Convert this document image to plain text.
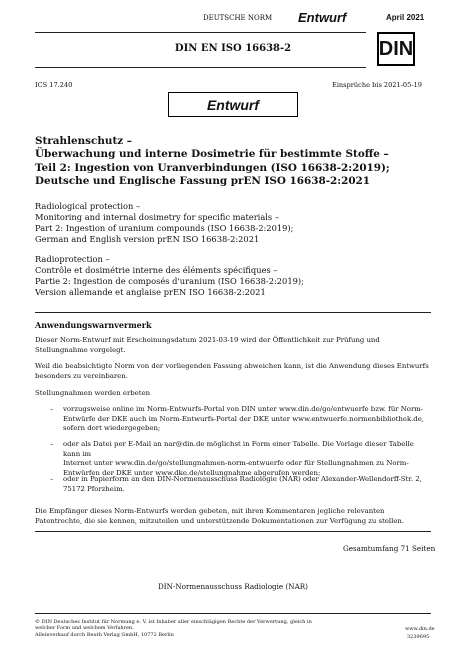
DEUTSCHE NORM Entwurf	April 2021
DIN EN ISO 16638-2	DIN
ICS 17.240	Einsprüche bis 2021-05-19
Entwurf
Strahlenschutz –
Überwachung und interne Dosimetrie für bestimmte Stoffe –
Teil 2: Ingestion von Uranverbindungen (ISO 16638-2:2019);
Deutsche und Englische Fassung prEN ISO 16638-2:2021
Radiological protection –
Monitoring and internal dosimetry for specific materials –
Part 2: Ingestion of uranium compounds (ISO 16638-2:2019);
German and English version prEN ISO 16638-2:2021
Radioprotection –
Contrôle et dosimétrie interne des éléments spécifiques –
Partie 2: Ingestion de composés d'uranium (ISO 16638-2:2019);
Version allemande et anglaise prEN ISO 16638-2:2021
Anwendungswarnvermerk
Dieser Norm-Entwurf mit Erscheinungsdatum 2021-03-19 wird der Öffentlichkeit zur Prüfung und
Stellungnahme vorgelegt.
Weil die beabsichtigte Norm von der vorliegenden Fassung abweichen kann, ist die Anwendung dieses Entwurfs
besonders zu vereinbaren.
Stellungnahmen werden erbeten
– vorzugsweise online im Norm-Entwurfs-Portal von DIN unter www.din.de/go/entwuerfe bzw. für Norm-
Entwürfe der DKE auch im Norm-Entwurfs-Portal der DKE unter www.entwuerfe.normenbibliothek.de,
sofern dort wiedergegeben;
– oder als Datei per E-Mail an nar@din.de möglichst in Form einer Tabelle. Die Vorlage dieser Tabelle kann im
Internet unter www.din.de/go/stellungnahmen-norm-entwuerfe oder für Stellungnahmen zu Norm-
Entwürfen der DKE unter www.dke.de/stellungnahme abgerufen werden;
– oder in Papierform an den DIN-Normenausschuss Radiologie (NAR) oder Alexander-Wellendorff-Str. 2,
75172 Pforzheim.
Die Empfänger dieses Norm-Entwurfs werden gebeten, mit ihren Kommentaren jegliche relevanten
Patentrechte, die sie kennen, mitzuteilen und unterstützende Dokumentationen zur Verfügung zu stellen.
Gesamtumfang 71 Seiten
DIN-Normenausschuss Radiologie (NAR)
© DIN Deutsches Institut für Normung e. V. ist Inhaber aller einschlägigen Rechte der Verwertung, gleich in
welcher Form und welchem Verfahren.
Alleinverkauf durch Beuth Verlag GmbH, 10772 Berlin
www.din.de
3239695
